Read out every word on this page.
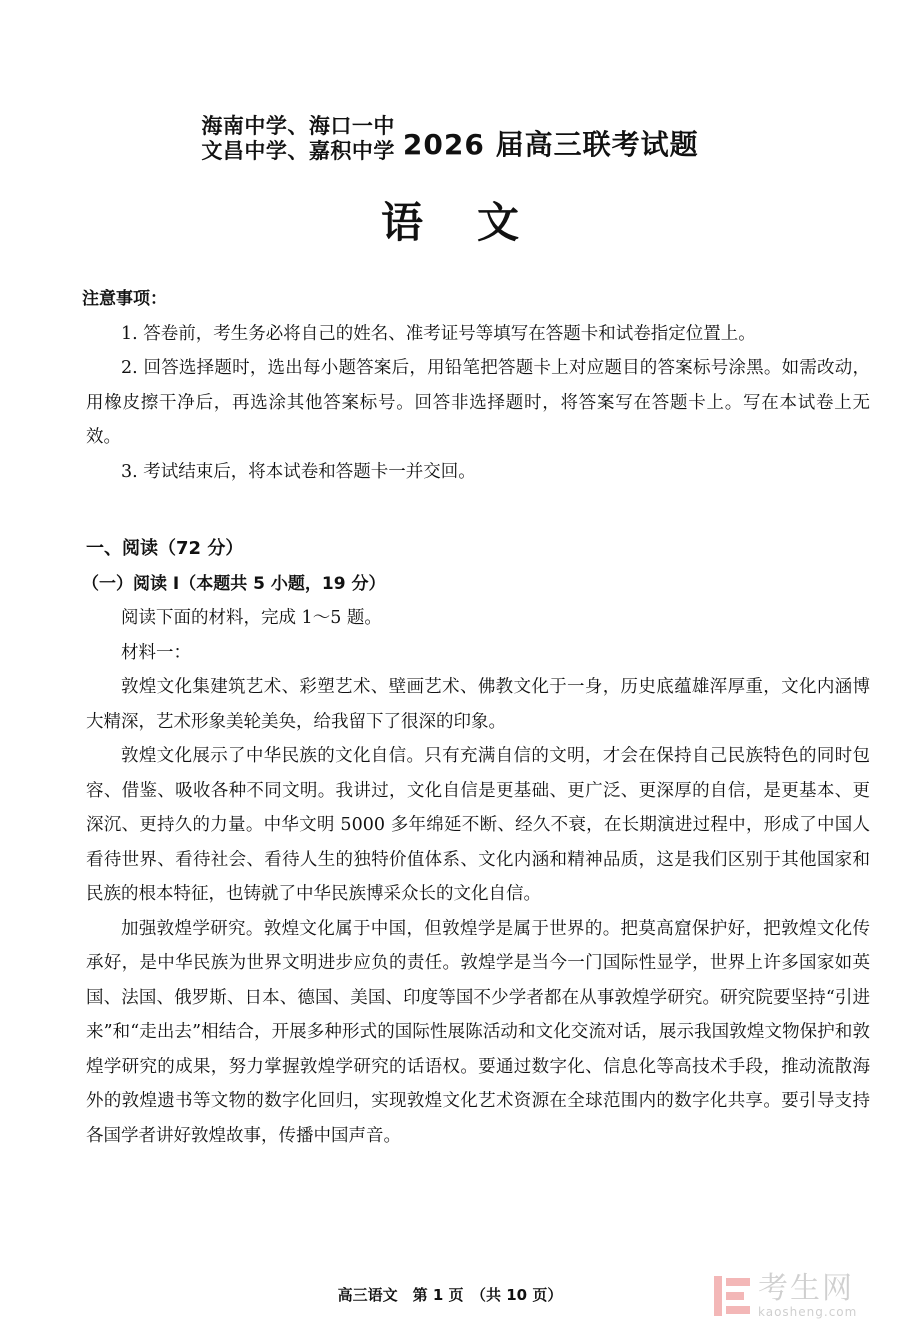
海南中学、海口一中
文昌中学、嘉积中学 2026 届高三联考试题
语文

注意事项：

1. 答卷前，考生务必将自己的姓名、准考证号等填写在答题卡和试卷指定位置上。

2. 回答选择题时，选出每小题答案后，用铅笔把答题卡上对应题目的答案标号涂黑。如需改动，用橡皮擦干净后，再选涂其他答案标号。回答非选择题时，将答案写在答题卡上。写在本试卷上无效。

3. 考试结束后，将本试卷和答题卡一并交回。

一、阅读（72 分）

（一）阅读 I（本题共 5 小题，19 分）

阅读下面的材料，完成 1～5 题。

材料一：

敦煌文化集建筑艺术、彩塑艺术、壁画艺术、佛教文化于一身，历史底蕴雄浑厚重，文化内涵博大精深，艺术形象美轮美奂，给我留下了很深的印象。

敦煌文化展示了中华民族的文化自信。只有充满自信的文明，才会在保持自己民族特色的同时包容、借鉴、吸收各种不同文明。我讲过，文化自信是更基础、更广泛、更深厚的自信，是更基本、更深沉、更持久的力量。中华文明 5000 多年绵延不断、经久不衰，在长期演进过程中，形成了中国人看待世界、看待社会、看待人生的独特价值体系、文化内涵和精神品质，这是我们区别于其他国家和民族的根本特征，也铸就了中华民族博采众长的文化自信。

加强敦煌学研究。敦煌文化属于中国，但敦煌学是属于世界的。把莫高窟保护好，把敦煌文化传承好，是中华民族为世界文明进步应负的责任。敦煌学是当今一门国际性显学，世界上许多国家如英国、法国、俄罗斯、日本、德国、美国、印度等国不少学者都在从事敦煌学研究。研究院要坚持“引进来”和“走出去”相结合，开展多种形式的国际性展陈活动和文化交流对话，展示我国敦煌文物保护和敦煌学研究的成果，努力掌握敦煌学研究的话语权。要通过数字化、信息化等高技术手段，推动流散海外的敦煌遗书等文物的数字化回归，实现敦煌文化艺术资源在全球范围内的数字化共享。要引导支持各国学者讲好敦煌故事，传播中国声音。

高三语文　第 1 页　（共 10 页）	考生网
kaosheng.com
